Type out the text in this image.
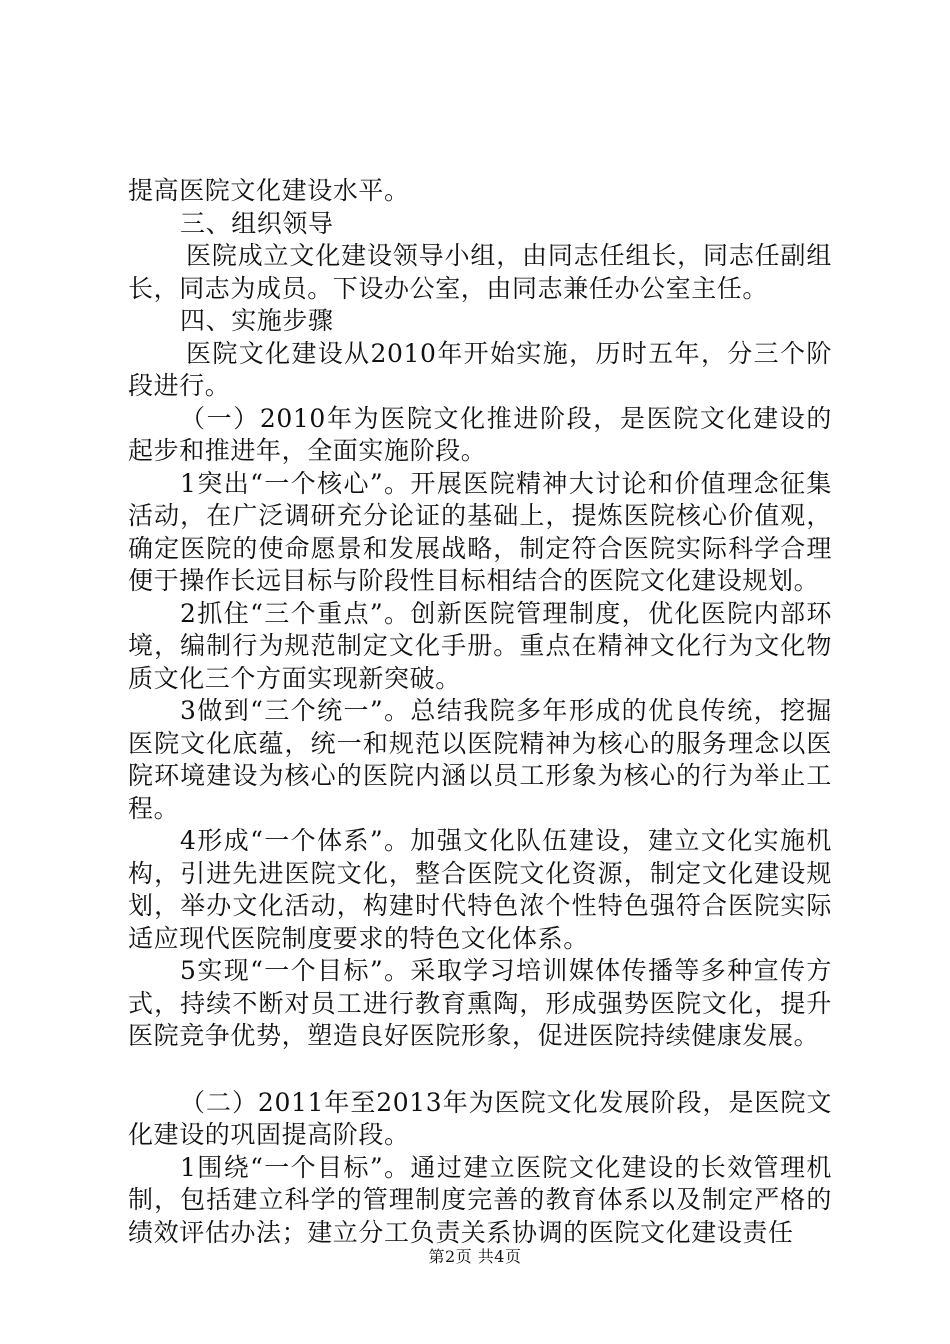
提高医院文化建设水平。

三、组织领导

医院成立文化建设领导小组，由同志任组长，同志任副组长，同志为成员。下设办公室，由同志兼任办公室主任。

四、实施步骤

医院文化建设从2010年开始实施，历时五年，分三个阶段进行。

（一）2010年为医院文化推进阶段，是医院文化建设的起步和推进年，全面实施阶段。

1突出“一个核心”。开展医院精神大讨论和价值理念征集活动，在广泛调研充分论证的基础上，提炼医院核心价值观，确定医院的使命愿景和发展战略，制定符合医院实际科学合理便于操作长远目标与阶段性目标相结合的医院文化建设规划。

2抓住“三个重点”。创新医院管理制度，优化医院内部环境，编制行为规范制定文化手册。重点在精神文化行为文化物质文化三个方面实现新突破。

3做到“三个统一”。总结我院多年形成的优良传统，挖掘医院文化底蕴，统一和规范以医院精神为核心的服务理念以医院环境建设为核心的医院内涵以员工形象为核心的行为举止工程。

4形成“一个体系”。加强文化队伍建设，建立文化实施机构，引进先进医院文化，整合医院文化资源，制定文化建设规划，举办文化活动，构建时代特色浓个性特色强符合医院实际适应现代医院制度要求的特色文化体系。

5实现“一个目标”。采取学习培训媒体传播等多种宣传方式，持续不断对员工进行教育熏陶，形成强势医院文化，提升医院竞争优势，塑造良好医院形象，促进医院持续健康发展。

（二）2011年至2013年为医院文化发展阶段，是医院文化建设的巩固提高阶段。

1围绕“一个目标”。通过建立医院文化建设的长效管理机制，包括建立科学的管理制度完善的教育体系以及制定严格的绩效评估办法；建立分工负责关系协调的医院文化建设责任

第2页 共4页
